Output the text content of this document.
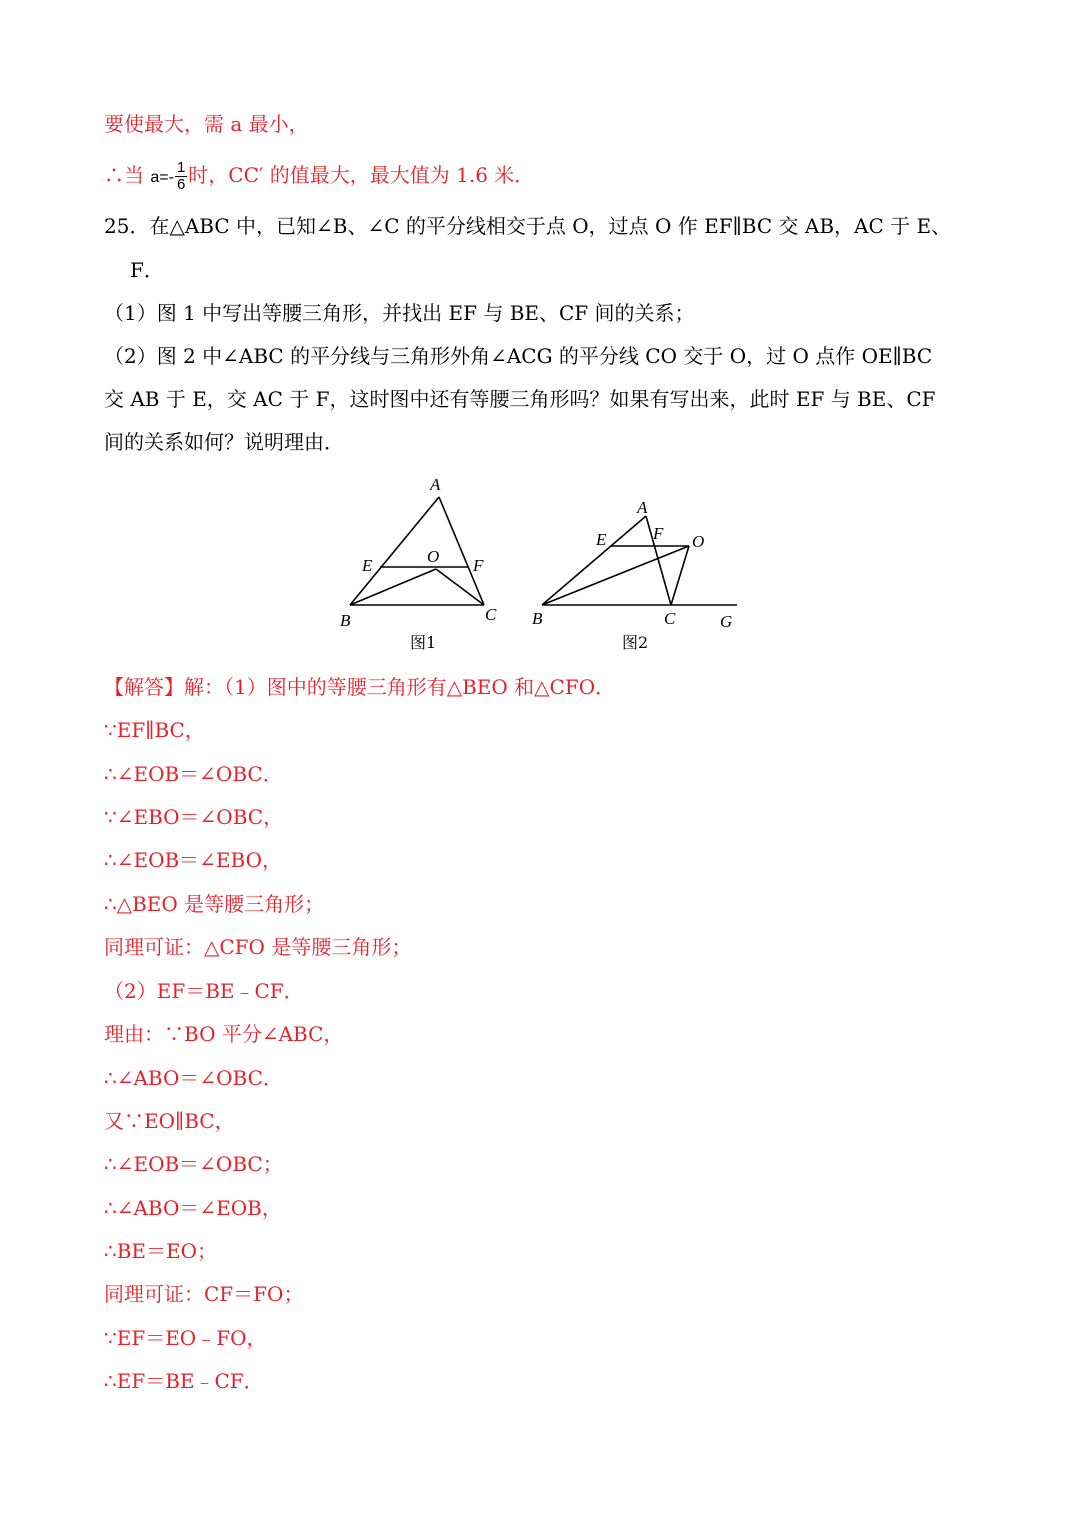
要使最大，需 a 最小，
∴当 $a=- \frac{1}{6}$ 时，CC′ 的值最大，最大值为 1.6 米．
25．在△ABC 中，已知∠B、∠C 的平分线相交于点 O，过点 O 作 EF∥BC 交 AB，AC 于 E、
F．
（1）图 1 中写出等腰三角形，并找出 EF 与 BE、CF 间的关系；
（2）图 2 中∠ABC 的平分线与三角形外角∠ACG 的平分线 CO 交于 O，过 O 点作 OE∥BC
交 AB 于 E，交 AC 于 F，这时图中还有等腰三角形吗？如果有写出来，此时 EF 与 BE、CF
间的关系如何？说明理由．
A
B	C
E	F
O
图1
A
B	C
E	F O
G
图2
【解答】解：（1）图中的等腰三角形有△BEO 和△CFO．
∵EF∥BC，
∴∠EOB＝∠OBC．
∵∠EBO＝∠OBC，
∴∠EOB＝∠EBO，
∴△BEO 是等腰三角形；
同理可证：△CFO 是等腰三角形；
（2）EF＝BE﹣CF．
理由：∵BO 平分∠ABC，
∴∠ABO＝∠OBC．
又∵EO∥BC，
∴∠EOB＝∠OBC；
∴∠ABO＝∠EOB，
∴BE＝EO；
同理可证：CF＝FO；
∵EF＝EO﹣FO，
∴EF＝BE﹣CF．
